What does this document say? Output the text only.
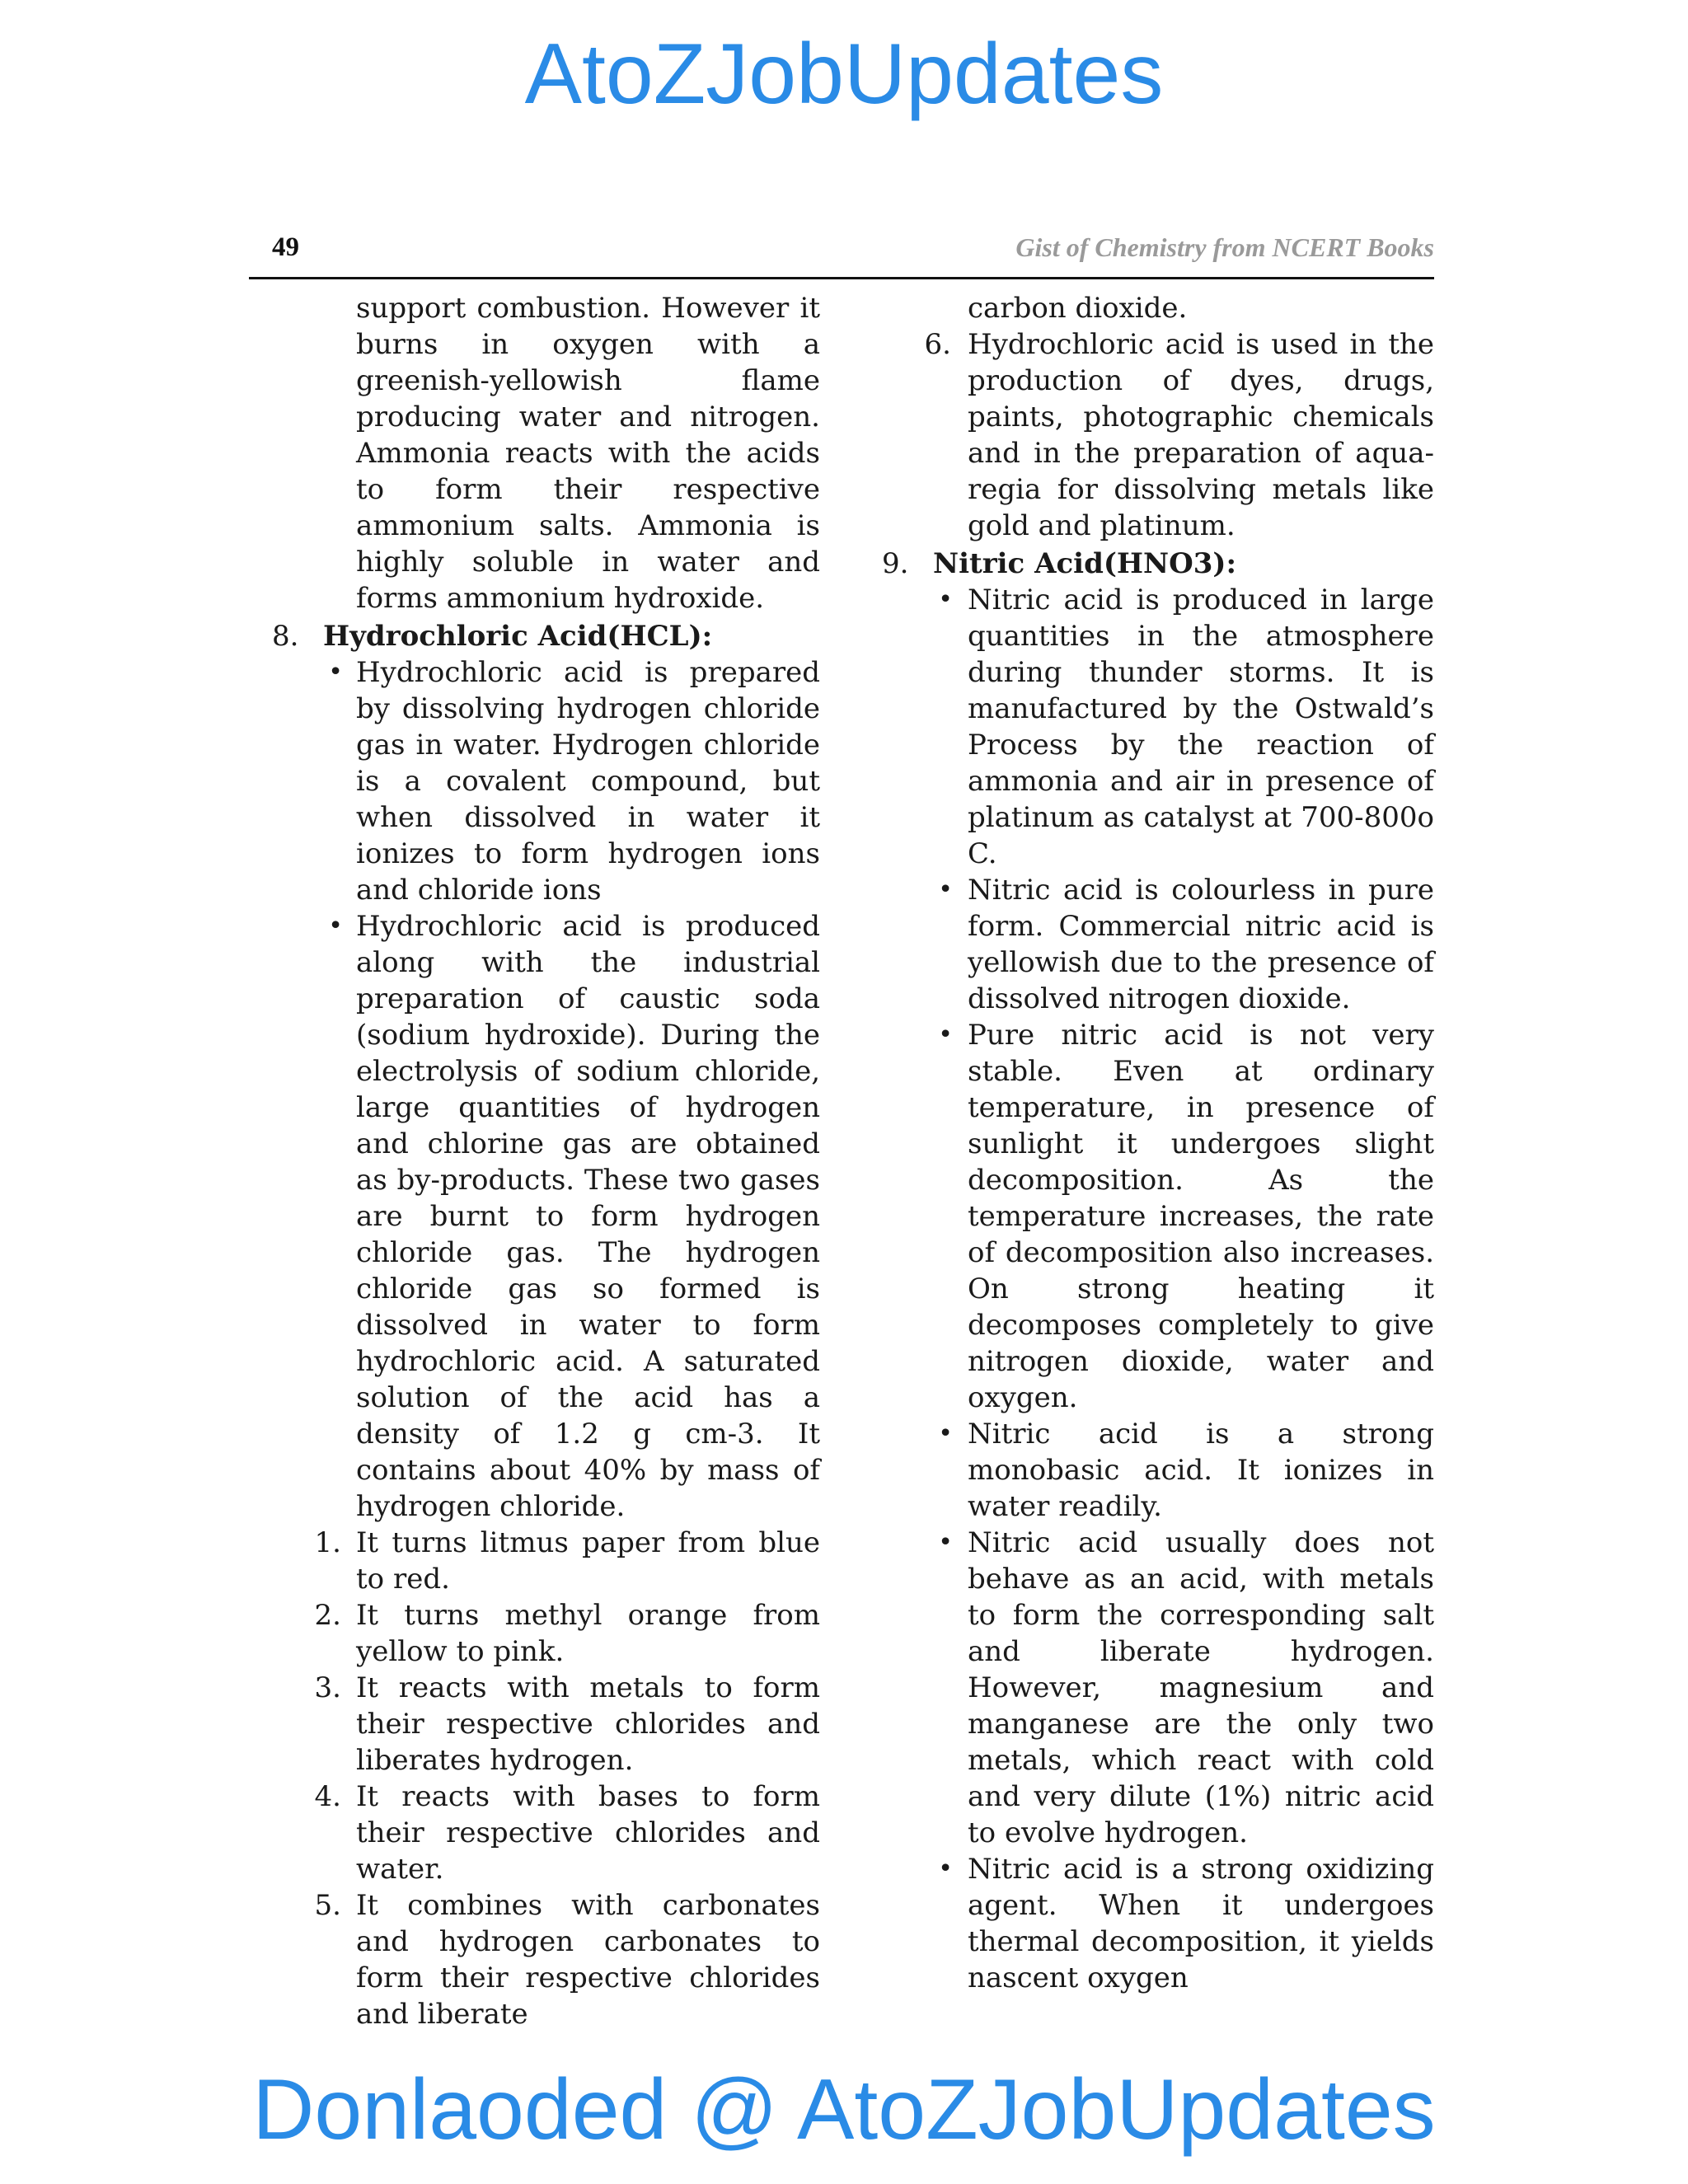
AtoZJobUpdates
49	Gist of Chemistry from NCERT Books

support combustion. However it burns in oxygen with a greenish-yellowish flame producing water and nitrogen. Ammonia reacts with the acids to form their respective ammonium salts. Ammonia is highly soluble in water and forms ammonium hydroxide.

8. Hydrochloric Acid(HCL):
• Hydrochloric acid is prepared by dissolving hydrogen chloride gas in water. Hydrogen chloride is a covalent compound, but when dissolved in water it ionizes to form hydrogen ions and chloride ions
• Hydrochloric acid is produced along with the industrial preparation of caustic soda (sodium hydroxide). During the electrolysis of sodium chloride, large quantities of hydrogen and chlorine gas are obtained as by-products. These two gases are burnt to form hydrogen chloride gas. The hydrogen chloride gas so formed is dissolved in water to form hydrochloric acid. A saturated solution of the acid has a density of 1.2 g cm-3. It contains about 40% by mass of hydrogen chloride.
1. It turns litmus paper from blue to red.
2. It turns methyl orange from yellow to pink.
3. It reacts with metals to form their respective chlorides and liberates hydrogen.
4. It reacts with bases to form their respective chlorides and water.
5. It combines with carbonates and hydrogen carbonates to form their respective chlorides and liberate

carbon dioxide.

6. Hydrochloric acid is used in the production of dyes, drugs, paints, photographic chemicals and in the preparation of aqua-regia for dissolving metals like gold and platinum.
9. Nitric Acid(HNO3):
• Nitric acid is produced in large quantities in the atmosphere during thunder storms. It is manufactured by the Ostwald’s Process by the reaction of ammonia and air in presence of platinum as catalyst at 700-800o C.
• Nitric acid is colourless in pure form. Commercial nitric acid is yellowish due to the presence of dissolved nitrogen dioxide.
• Pure nitric acid is not very stable. Even at ordinary temperature, in presence of sunlight it undergoes slight decomposition. As the temperature increases, the rate of decomposition also increases. On strong heating it decomposes completely to give nitrogen dioxide, water and oxygen.
• Nitric acid is a strong monobasic acid. It ionizes in water readily.
• Nitric acid usually does not behave as an acid, with metals to form the corresponding salt and liberate hydrogen. However, magnesium and manganese are the only two metals, which react with cold and very dilute (1%) nitric acid to evolve hydrogen.
• Nitric acid is a strong oxidizing agent. When it undergoes thermal decomposition, it yields nascent oxygen
Donlaoded @ AtoZJobUpdates
